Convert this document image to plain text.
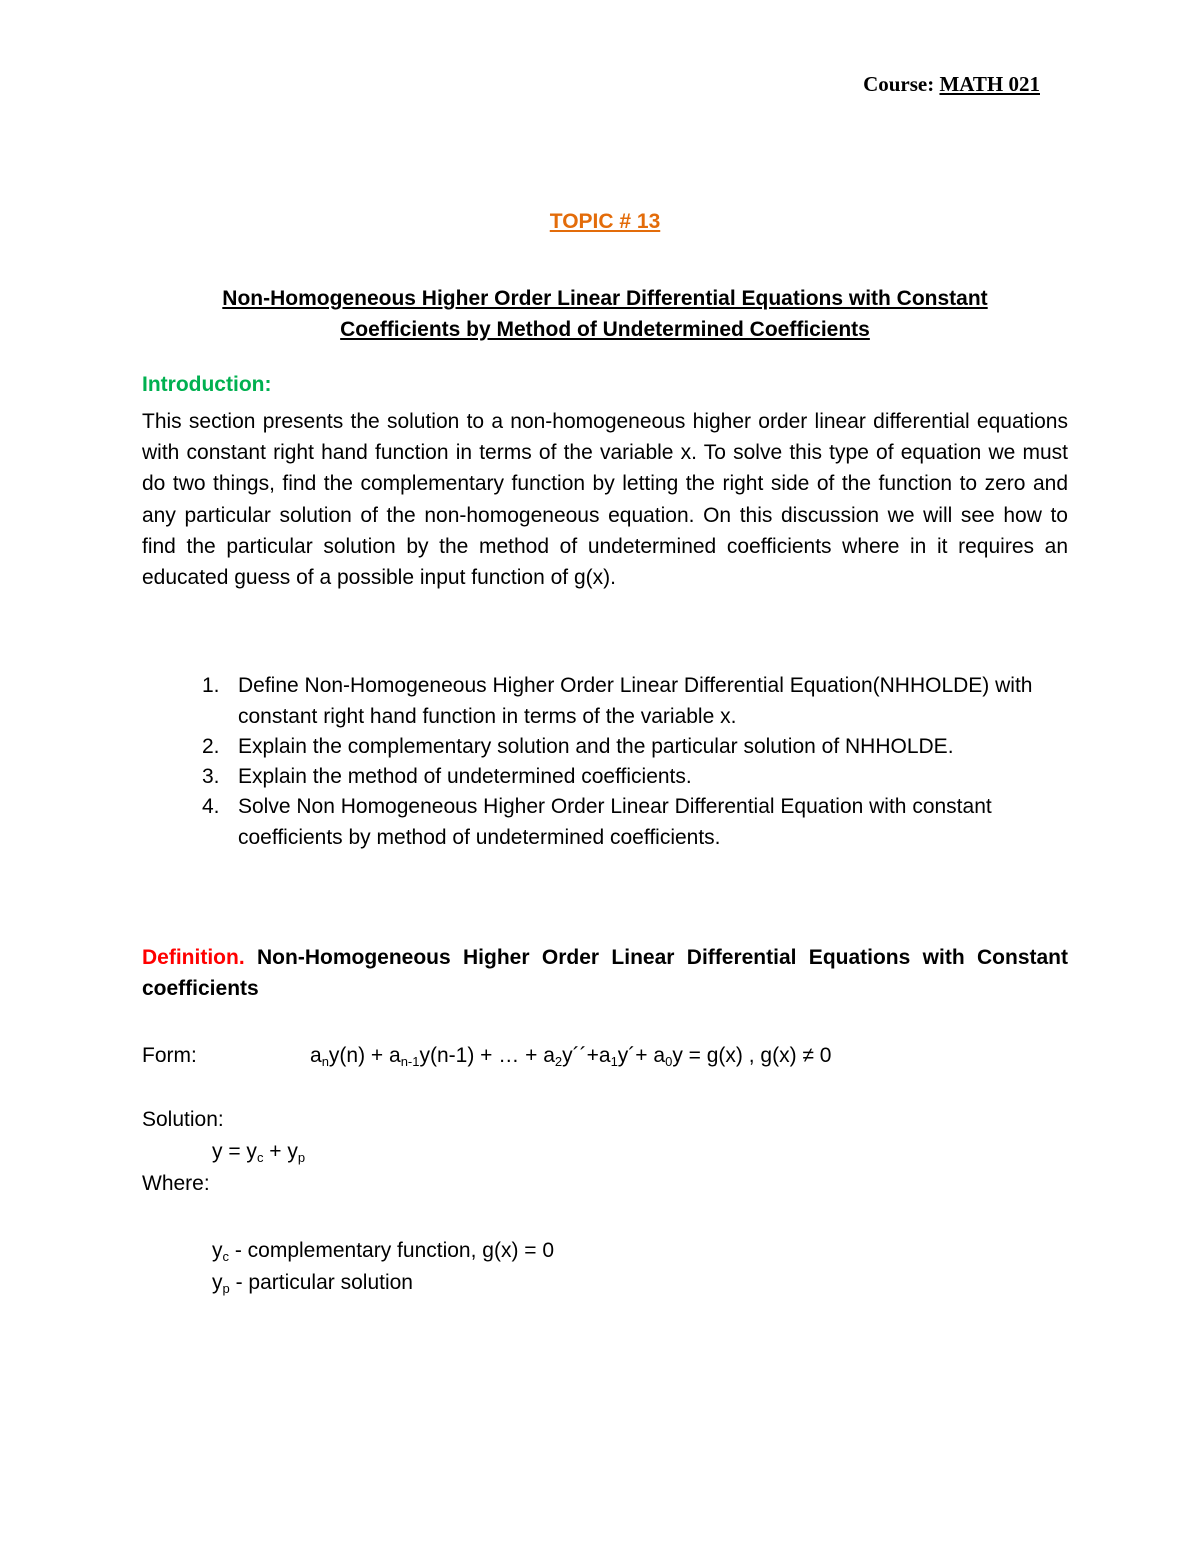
Course: MATH 021
TOPIC # 13
Non-Homogeneous Higher Order Linear Differential Equations with Constant
Coefficients by Method of Undetermined Coefficients
Introduction:

This section presents the solution to a non-homogeneous higher order linear differential equations with constant right hand function in terms of the variable x. To solve this type of equation we must do two things, find the complementary function by letting the right side of the function to zero and any particular solution of the non-homogeneous equation. On this discussion we will see how to find the particular solution by the method of undetermined coefficients where in it requires an educated guess of a possible input function of g(x).

1. Define Non-Homogeneous Higher Order Linear Differential Equation(NHHOLDE) with constant right hand function in terms of the variable x.
2. Explain the complementary solution and the particular solution of NHHOLDE.
3. Explain the method of undetermined coefficients.
4. Solve Non Homogeneous Higher Order Linear Differential Equation with constant coefficients by method of undetermined coefficients.

Definition. Non-Homogeneous Higher Order Linear Differential Equations with Constant coefficients

Form:	$a_ny(n) + a_{n-1}y(n-1)$ + … + $a_2y´´+a_1y´+ a_0y = g(x)$ , g(x) ≠ 0
Solution:
$y = y_c + y_p$
Where:
$y_c$ - complementary function, g(x) = 0
$y_p$ - particular solution
